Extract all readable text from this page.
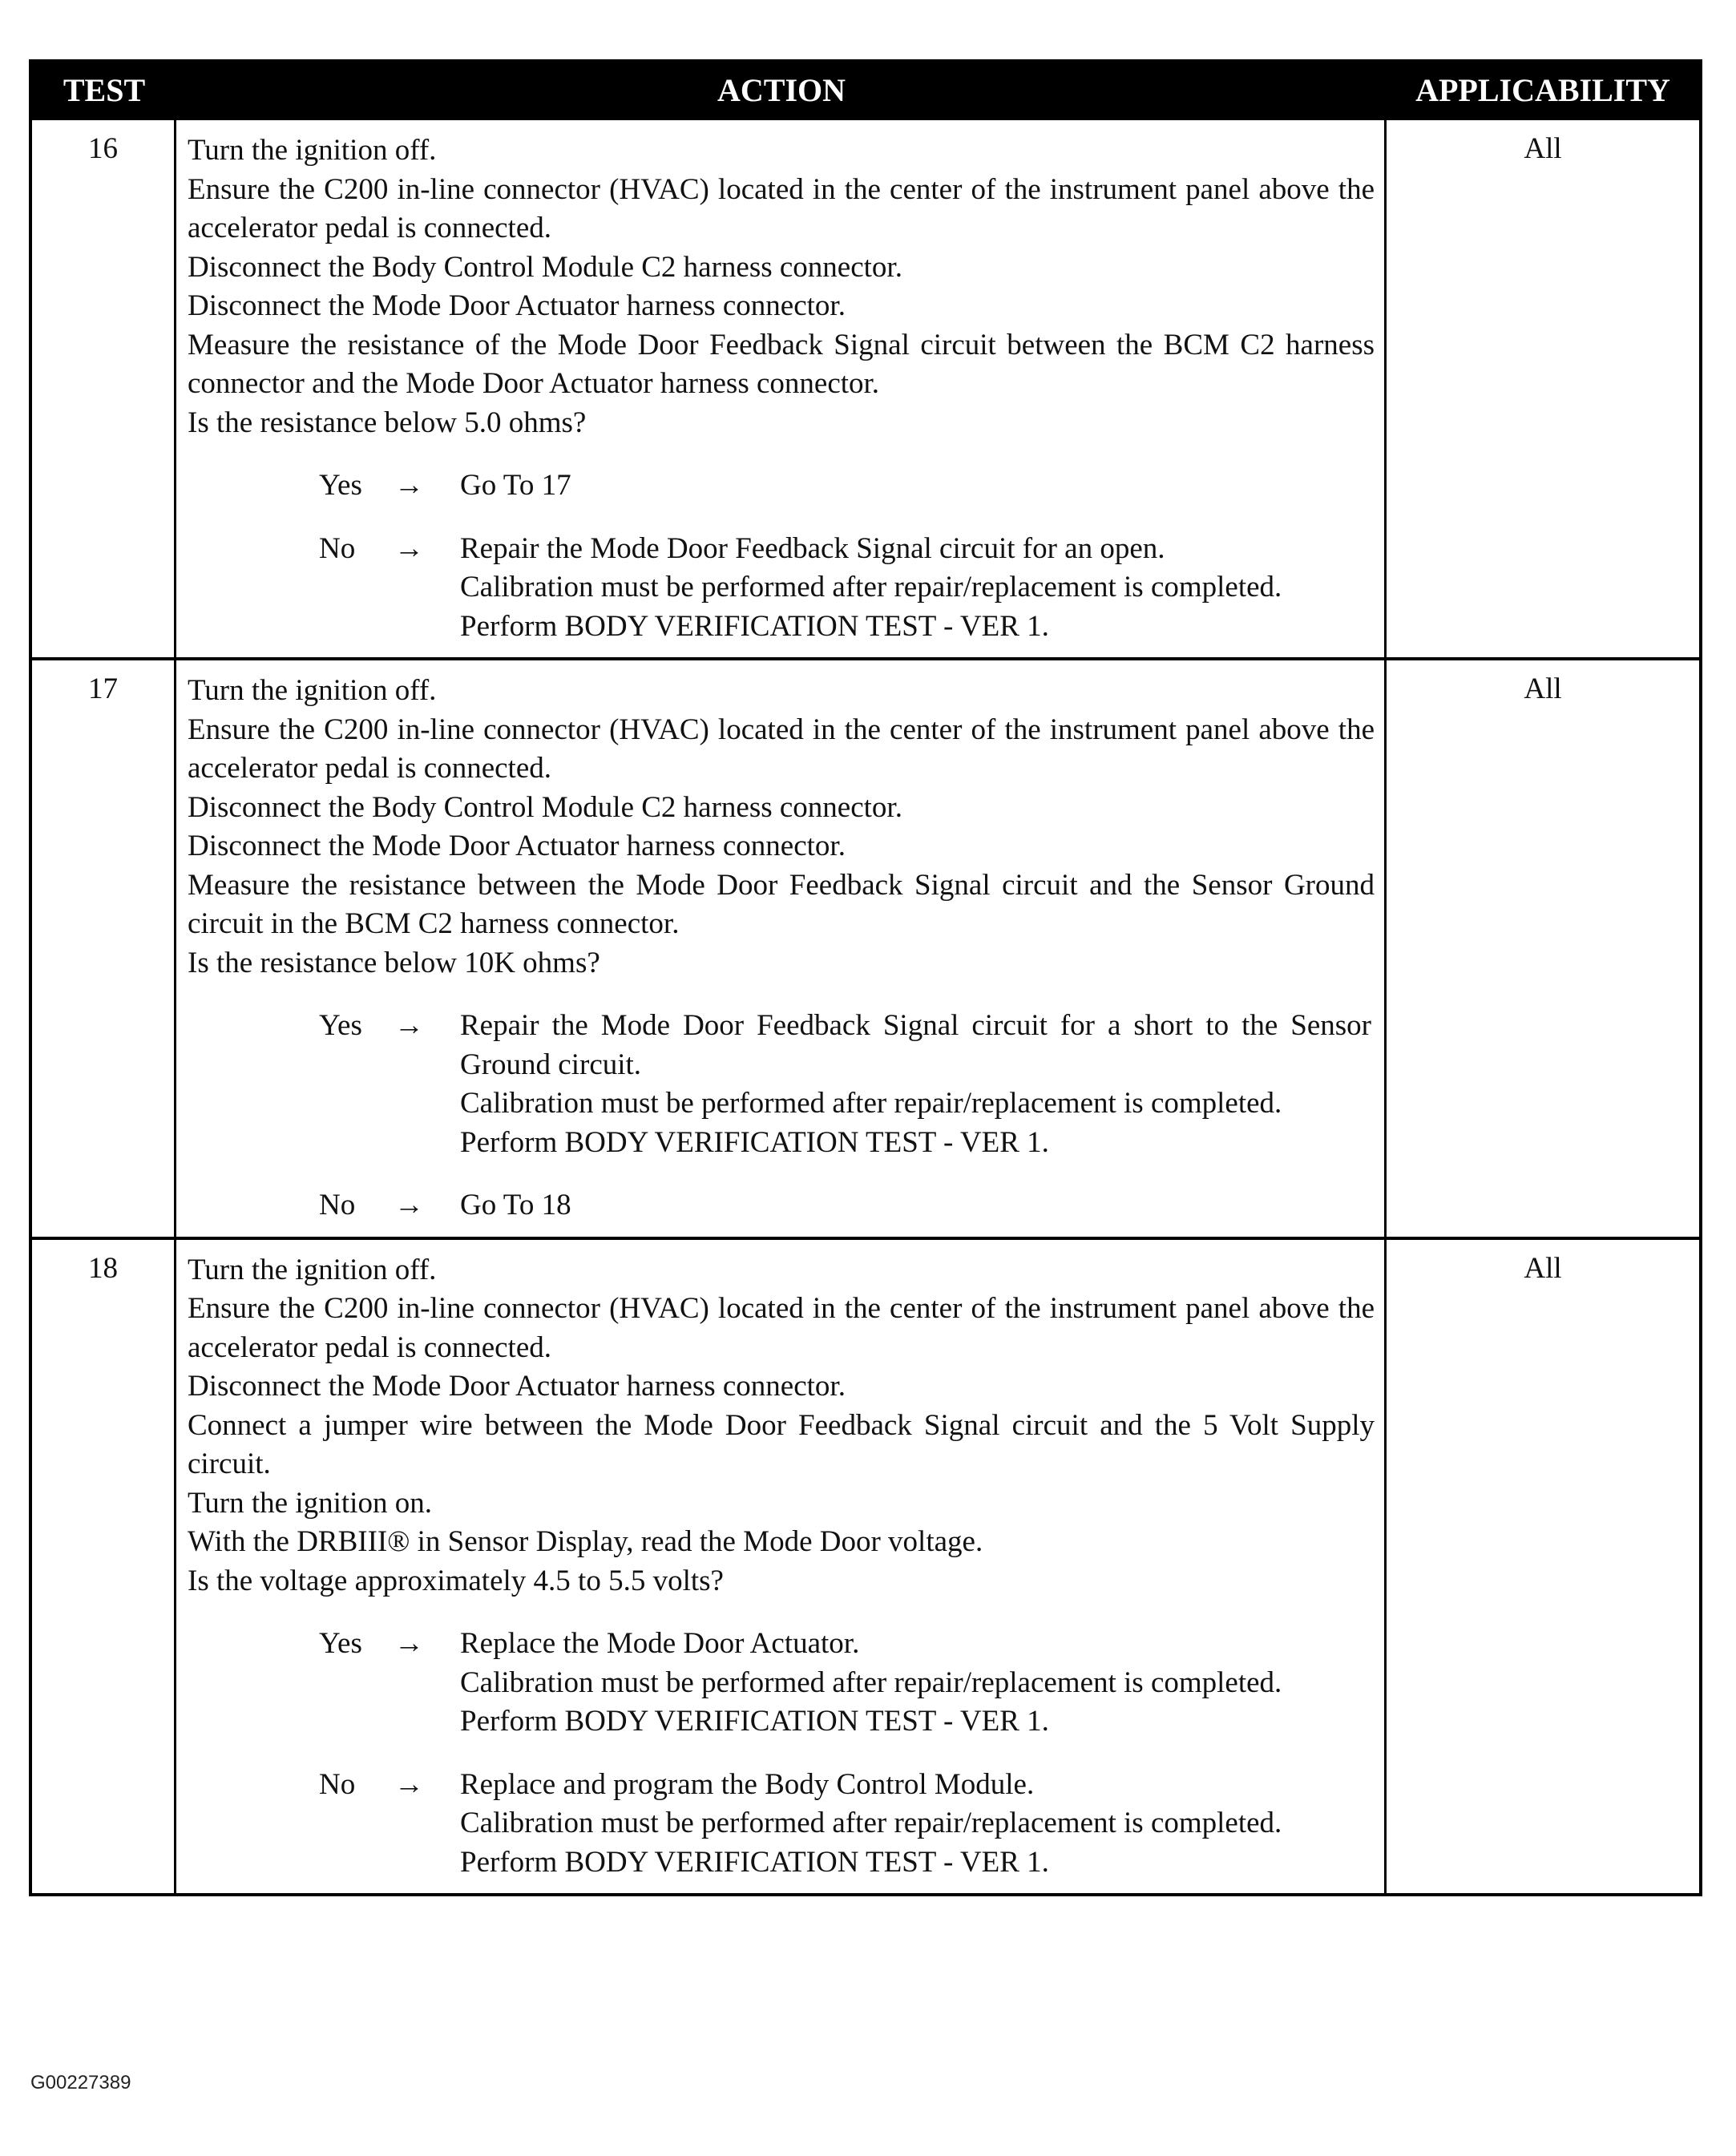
TEST	ACTION	APPLICABILITY
16	Turn the ignition off.
Ensure the C200 in-line connector (HVAC) located in the center of the instrument panel above the accelerator pedal is connected.
Disconnect the Body Control Module C2 harness connector.
Disconnect the Mode Door Actuator harness connector.
Measure the resistance of the Mode Door Feedback Signal circuit between the BCM C2 harness connector and the Mode Door Actuator harness connector.
Is the resistance below 5.0 ohms?
Yes	→	Go To 17
No	→	Repair the Mode Door Feedback Signal circuit for an open.
Calibration must be performed after repair/replacement is completed.
Perform BODY VERIFICATION TEST - VER 1.
All
17	Turn the ignition off.
Ensure the C200 in-line connector (HVAC) located in the center of the instrument panel above the accelerator pedal is connected.
Disconnect the Body Control Module C2 harness connector.
Disconnect the Mode Door Actuator harness connector.
Measure the resistance between the Mode Door Feedback Signal circuit and the Sensor Ground circuit in the BCM C2 harness connector.
Is the resistance below 10K ohms?
Yes	→	Repair the Mode Door Feedback Signal circuit for a short to the Sensor Ground circuit.
Calibration must be performed after repair/replacement is completed.
Perform BODY VERIFICATION TEST - VER 1.
No	→	Go To 18
All
18	Turn the ignition off.
Ensure the C200 in-line connector (HVAC) located in the center of the instrument panel above the accelerator pedal is connected.
Disconnect the Mode Door Actuator harness connector.
Connect a jumper wire between the Mode Door Feedback Signal circuit and the 5 Volt Supply circuit.
Turn the ignition on.
With the DRBIII® in Sensor Display, read the Mode Door voltage.
Is the voltage approximately 4.5 to 5.5 volts?
Yes	→	Replace the Mode Door Actuator.
Calibration must be performed after repair/replacement is completed.
Perform BODY VERIFICATION TEST - VER 1.
No	→	Replace and program the Body Control Module.
Calibration must be performed after repair/replacement is completed.
Perform BODY VERIFICATION TEST - VER 1.
All
G00227389
